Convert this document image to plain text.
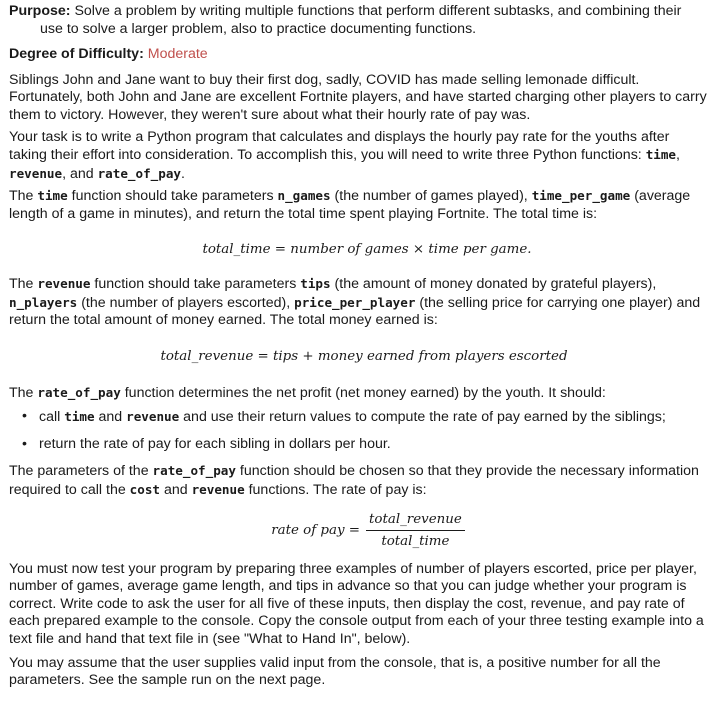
Purpose: Solve a problem by writing multiple functions that perform different subtasks, and combining their use to solve a larger problem, also to practice documenting functions.

Degree of Difficulty: Moderate

Siblings John and Jane want to buy their first dog, sadly, COVID has made selling lemonade difficult. Fortunately, both John and Jane are excellent Fortnite players, and have started charging other players to carry them to victory. However, they weren't sure about what their hourly rate of pay was.

Your task is to write a Python program that calculates and displays the hourly pay rate for the youths after taking their effort into consideration. To accomplish this, you will need to write three Python functions: time, revenue, and rate_of_pay.

The time function should take parameters n_games (the number of games played), time_per_game (average length of a game in minutes), and return the total time spent playing Fortnite. The total time is:

total_time = number of games × time per game.

The revenue function should take parameters tips (the amount of money donated by grateful players), n_players (the number of players escorted), price_per_player (the selling price for carrying one player) and return the total amount of money earned. The total money earned is:

total_revenue = tips + money earned from players escorted

The rate_of_pay function determines the net profit (net money earned) by the youth. It should:

• call time and revenue and use their return values to compute the rate of pay earned by the siblings;
• return the rate of pay for each sibling in dollars per hour.

The parameters of the rate_of_pay function should be chosen so that they provide the necessary information required to call the cost and revenue functions. The rate of pay is:

rate of pay = $\frac{\text{total\_revenue}}{\text{total\_time}}$

You must now test your program by preparing three examples of number of players escorted, price per player, number of games, average game length, and tips in advance so that you can judge whether your program is correct. Write code to ask the user for all five of these inputs, then display the cost, revenue, and pay rate of each prepared example to the console. Copy the console output from each of your three testing example into a text file and hand that text file in (see "What to Hand In", below).

You may assume that the user supplies valid input from the console, that is, a positive number for all the parameters. See the sample run on the next page.
